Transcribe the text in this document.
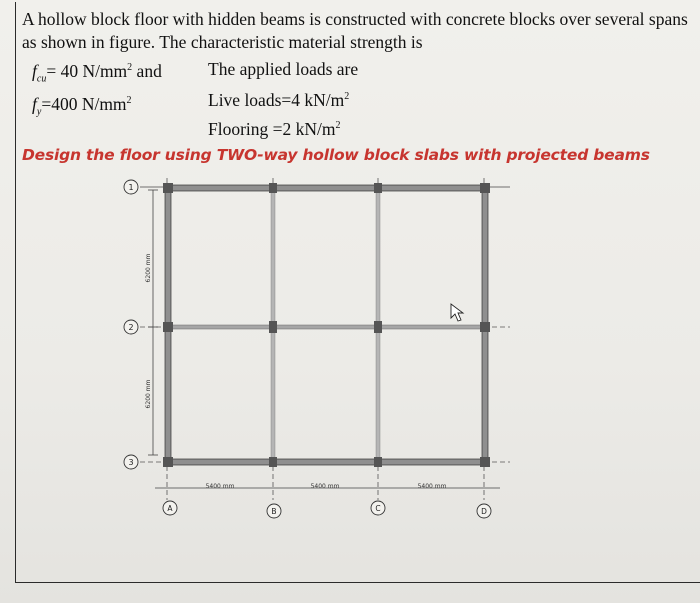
A hollow block floor with hidden beams is constructed with concrete blocks over several spans as shown in figure. The characteristic material strength is
$f_{cu}= 40$ $N/mm^2$ and	The applied loads are
$f_y=400$ $N/mm^2$	Live loads=4 $kN/m^2$
Flooring =2 $kN/m^2$
Design the floor using TWO-way hollow block slabs with projected beams
6200 mm
6200 mm
5400 mm	5400 mm	5400 mm
1
2
3
A	B	C	D
